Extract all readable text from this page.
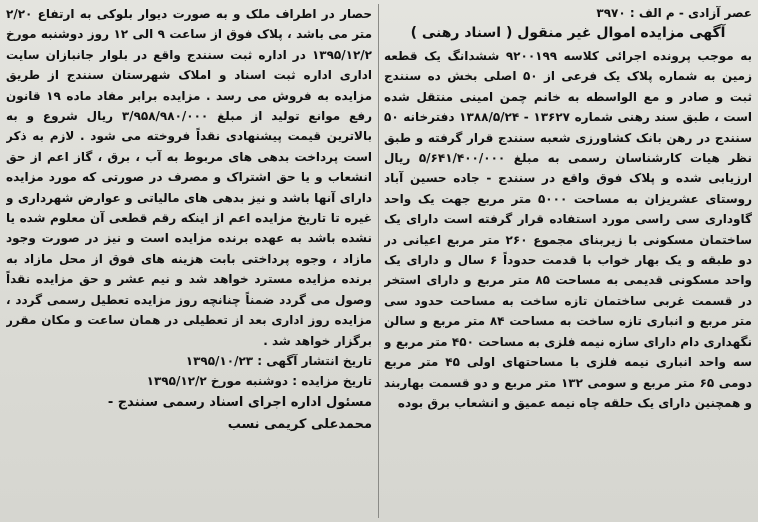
عصر آزادی - م الف : ۳۹۷۰
آگهی مزایده اموال غیر منقول ( اسناد رهنی )

به موجب پرونده اجرائی کلاسه ۹۲۰۰۱۹۹ ششدانگ یک قطعه زمین به شماره پلاک یک فرعی از ۵۰ اصلی بخش ده سنندج ثبت و صادر و مع الواسطه به خانم چمن امینی منتقل شده است ، طبق سند رهنی شماره ۱۳۶۲۷ - ۱۳۸۸/۵/۲۴ دفترخانه ۵۰ سنندج در رهن بانک کشاورزی شعبه سنندج قرار گرفته و طبق نظر هیات کارشناسان رسمی به مبلغ ۵/۶۴۱/۴۰۰/۰۰۰ ریال ارزیابی شده و پلاک فوق واقع در سنندج - جاده حسین آباد روستای عشریزان به مساحت ۵۰۰۰ متر مربع جهت یک واحد گاوداری سی راسی مورد استفاده قرار گرفته است دارای یک ساختمان مسکونی با زیربنای مجموع ۲۶۰ متر مربع اعیانی در دو طبقه و یک بهار خواب با قدمت حدوداً ۶ سال و دارای یک واحد مسکونی قدیمی به مساحت ۸۵ متر مربع و دارای استخر در قسمت غربی ساختمان تازه ساخت به مساحت حدود سی متر مربع و انباری تازه ساخت به مساحت ۸۴ متر مربع و سالن نگهداری دام دارای سازه نیمه فلزی به مساحت ۴۵۰ متر مربع و سه واحد انباری نیمه فلزی با مساحتهای اولی ۴۵ متر مربع دومی ۶۵ متر مربع و سومی ۱۳۲ متر مربع و دو قسمت بهاربند و همچنین دارای یک حلقه چاه نیمه عمیق و انشعاب برق بوده

حصار در اطراف ملک و به صورت دیوار بلوکی به ارتفاع ۲/۲۰ متر می باشد ، پلاک فوق از ساعت ۹ الی ۱۲ روز دوشنبه مورخ ۱۳۹۵/۱۲/۲ در اداره ثبت سنندج واقع در بلوار جانبازان سایت اداری اداره ثبت اسناد و املاک شهرستان سنندج از طریق مزایده به فروش می رسد . مزایده برابر مفاد ماده ۱۹ قانون رفع موانع تولید از مبلغ ۳/۹۵۸/۹۸۰/۰۰۰ ریال شروع و به بالاترین قیمت پیشنهادی نقداً فروخته می شود . لازم به ذکر است پرداخت بدهی های مربوط به آب ، برق ، گاز اعم از حق انشعاب و یا حق اشتراک و مصرف در صورتی که مورد مزایده دارای آنها باشد و نیز بدهی های مالیاتی و عوارض شهرداری و غیره تا تاریخ مزایده اعم از اینکه رقم قطعی آن معلوم شده یا نشده باشد به عهده برنده مزایده است و نیز در صورت وجود مازاد ، وجوه پرداختی بابت هزینه های فوق از محل مازاد به برنده مزایده مسترد خواهد شد و نیم عشر و حق مزایده نقداً وصول می گردد ضمناً چنانچه روز مزایده تعطیل رسمی گردد ، مزایده روز اداری بعد از تعطیلی در همان ساعت و مکان مقرر برگزار خواهد شد .

تاریخ انتشار آگهی : ۱۳۹۵/۱۰/۲۳

تاریخ مزایده : دوشنبه مورخ ۱۳۹۵/۱۲/۲

مسئول اداره اجرای اسناد رسمی سنندج -

محمدعلی کریمی نسب
